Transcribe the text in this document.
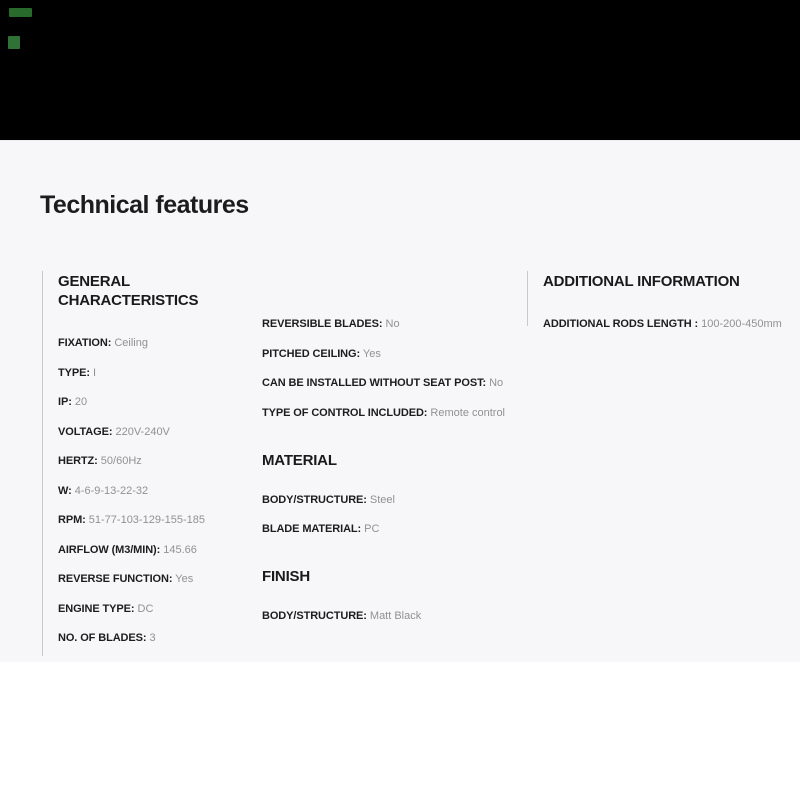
Technical features
GENERAL CHARACTERISTICS

FIXATION: Ceiling

TYPE: I

IP: 20

VOLTAGE: 220V-240V

HERTZ: 50/60Hz

W: 4-6-9-13-22-32

RPM: 51-77-103-129-155-185

AIRFLOW (M3/MIN): 145.66

REVERSE FUNCTION: Yes

ENGINE TYPE: DC

NO. OF BLADES: 3

REVERSIBLE BLADES: No

PITCHED CEILING: Yes

CAN BE INSTALLED WITHOUT SEAT POST: No

TYPE OF CONTROL INCLUDED: Remote control

MATERIAL

BODY/STRUCTURE: Steel

BLADE MATERIAL: PC

FINISH

BODY/STRUCTURE: Matt Black

ADDITIONAL INFORMATION

ADDITIONAL RODS LENGTH : 100-200-450mm
